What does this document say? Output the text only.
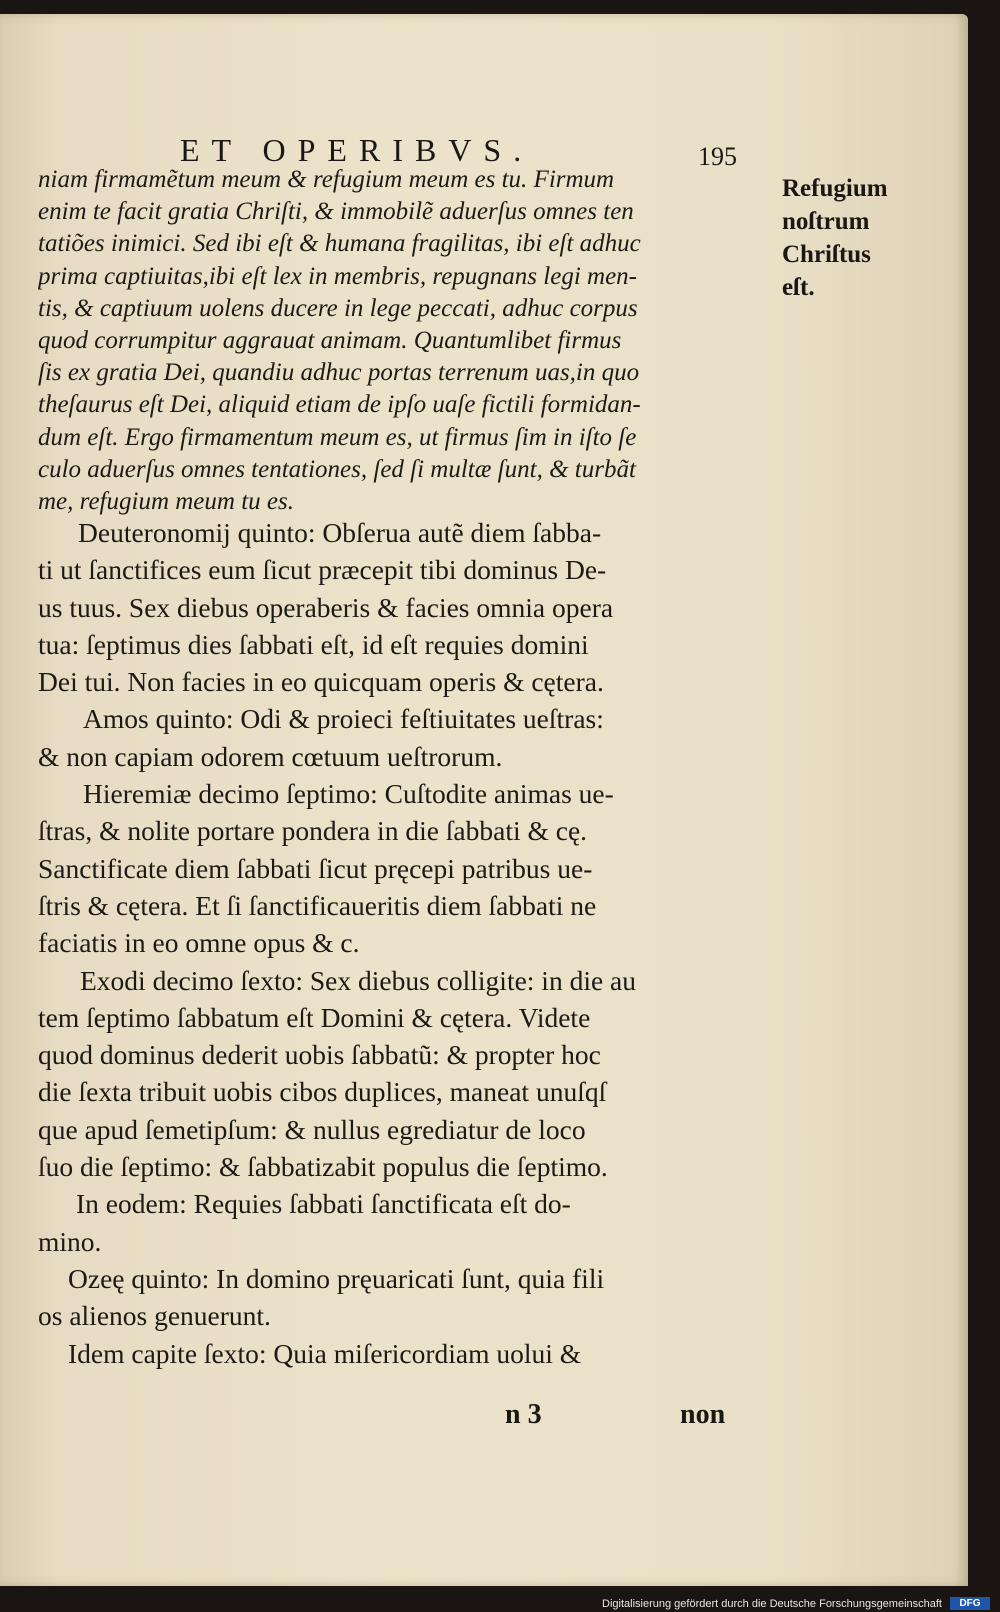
ET OPERIBVS.	195
Refugium
noſtrum
Chriſtus
eſt.
niam firmamẽtum meum & refugium meum es tu. Firmum
enim te facit gratia Chriſti, & immobilẽ aduerſus omnes ten
tatiões inimici. Sed ibi eſt & humana fragilitas, ibi eſt adhuc
prima captiuitas,ibi eſt lex in membris, repugnans legi men-
tis, & captiuum uolens ducere in lege peccati, adhuc corpus
quod corrumpitur aggrauat animam. Quantumlibet firmus
ſis ex gratia Dei, quandiu adhuc portas terrenum uas,in quo
theſaurus eſt Dei, aliquid etiam de ipſo uaſe fictili formidan-
dum eſt. Ergo firmamentum meum es, ut firmus ſim in iſto ſe
culo aduerſus omnes tentationes, ſed ſi multæ ſunt, & turbãt
me, refugium meum tu es.
Deuteronomij quinto: Obſerua autẽ diem ſabba-
ti ut ſanctifices eum ſicut præcepit tibi dominus De-
us tuus. Sex diebus operaberis & facies omnia opera
tua: ſeptimus dies ſabbati eſt, id eſt requies domini
Dei tui. Non facies in eo quicquam operis & cętera.
Amos quinto: Odi & proieci feſtiuitates ueſtras:
& non capiam odorem cœtuum ueſtrorum.
Hieremiæ decimo ſeptimo: Cuſtodite animas ue-
ſtras, & nolite portare pondera in die ſabbati & cę.
Sanctificate diem ſabbati ſicut pręcepi patribus ue-
ſtris & cętera. Et ſi ſanctificaueritis diem ſabbati ne
faciatis in eo omne opus & c.
Exodi decimo ſexto: Sex diebus colligite: in die au
tem ſeptimo ſabbatum eſt Domini & cętera. Videte
quod dominus dederit uobis ſabbatũ: & propter hoc
die ſexta tribuit uobis cibos duplices, maneat unuſqſ
que apud ſemetipſum: & nullus egrediatur de loco
ſuo die ſeptimo: & ſabbatizabit populus die ſeptimo.
In eodem: Requies ſabbati ſanctificata eſt do-
mino.
Ozeę quinto: In domino pręuaricati ſunt, quia fili
os alienos genuerunt.
Idem capite ſexto: Quia miſericordiam uolui &
n 3	non
Digitalisierung gefördert durch die Deutsche Forschungsgemeinschaft	DFG
